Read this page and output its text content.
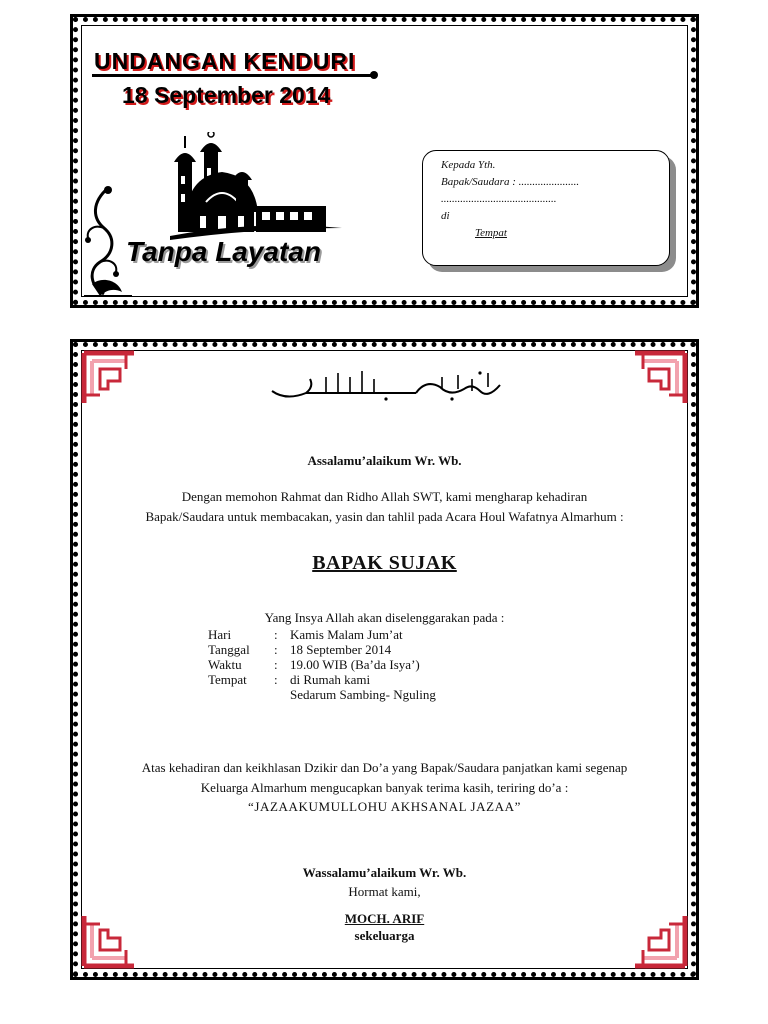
UNDANGAN KENDURI
18 September 2014
Tanpa Layatan
Kepada Yth.
Bapak/Saudara : ......................
..........................................
di
Tempat
Assalamu’alaikum Wr. Wb.
Dengan memohon Rahmat dan Ridho Allah SWT, kami mengharap kehadiran
Bapak/Saudara untuk membacakan, yasin dan tahlil pada Acara Houl Wafatnya Almarhum :
BAPAK SUJAK
Yang Insya Allah akan diselenggarakan pada :
Hari	: Kamis Malam Jum’at
Tanggal	: 18 September 2014
Waktu	: 19.00 WIB (Ba’da Isya’)
Tempat	: di Rumah kami
Sedarum Sambing- Nguling
Atas kehadiran dan keikhlasan Dzikir dan Do’a yang Bapak/Saudara panjatkan kami segenap
Keluarga Almarhum mengucapkan banyak terima kasih, teriring do’a :
“JAZAAKUMULLOHU AKHSANAL JAZAA”
Wassalamu’alaikum Wr. Wb.
Hormat kami,
MOCH. ARIF
sekeluarga
